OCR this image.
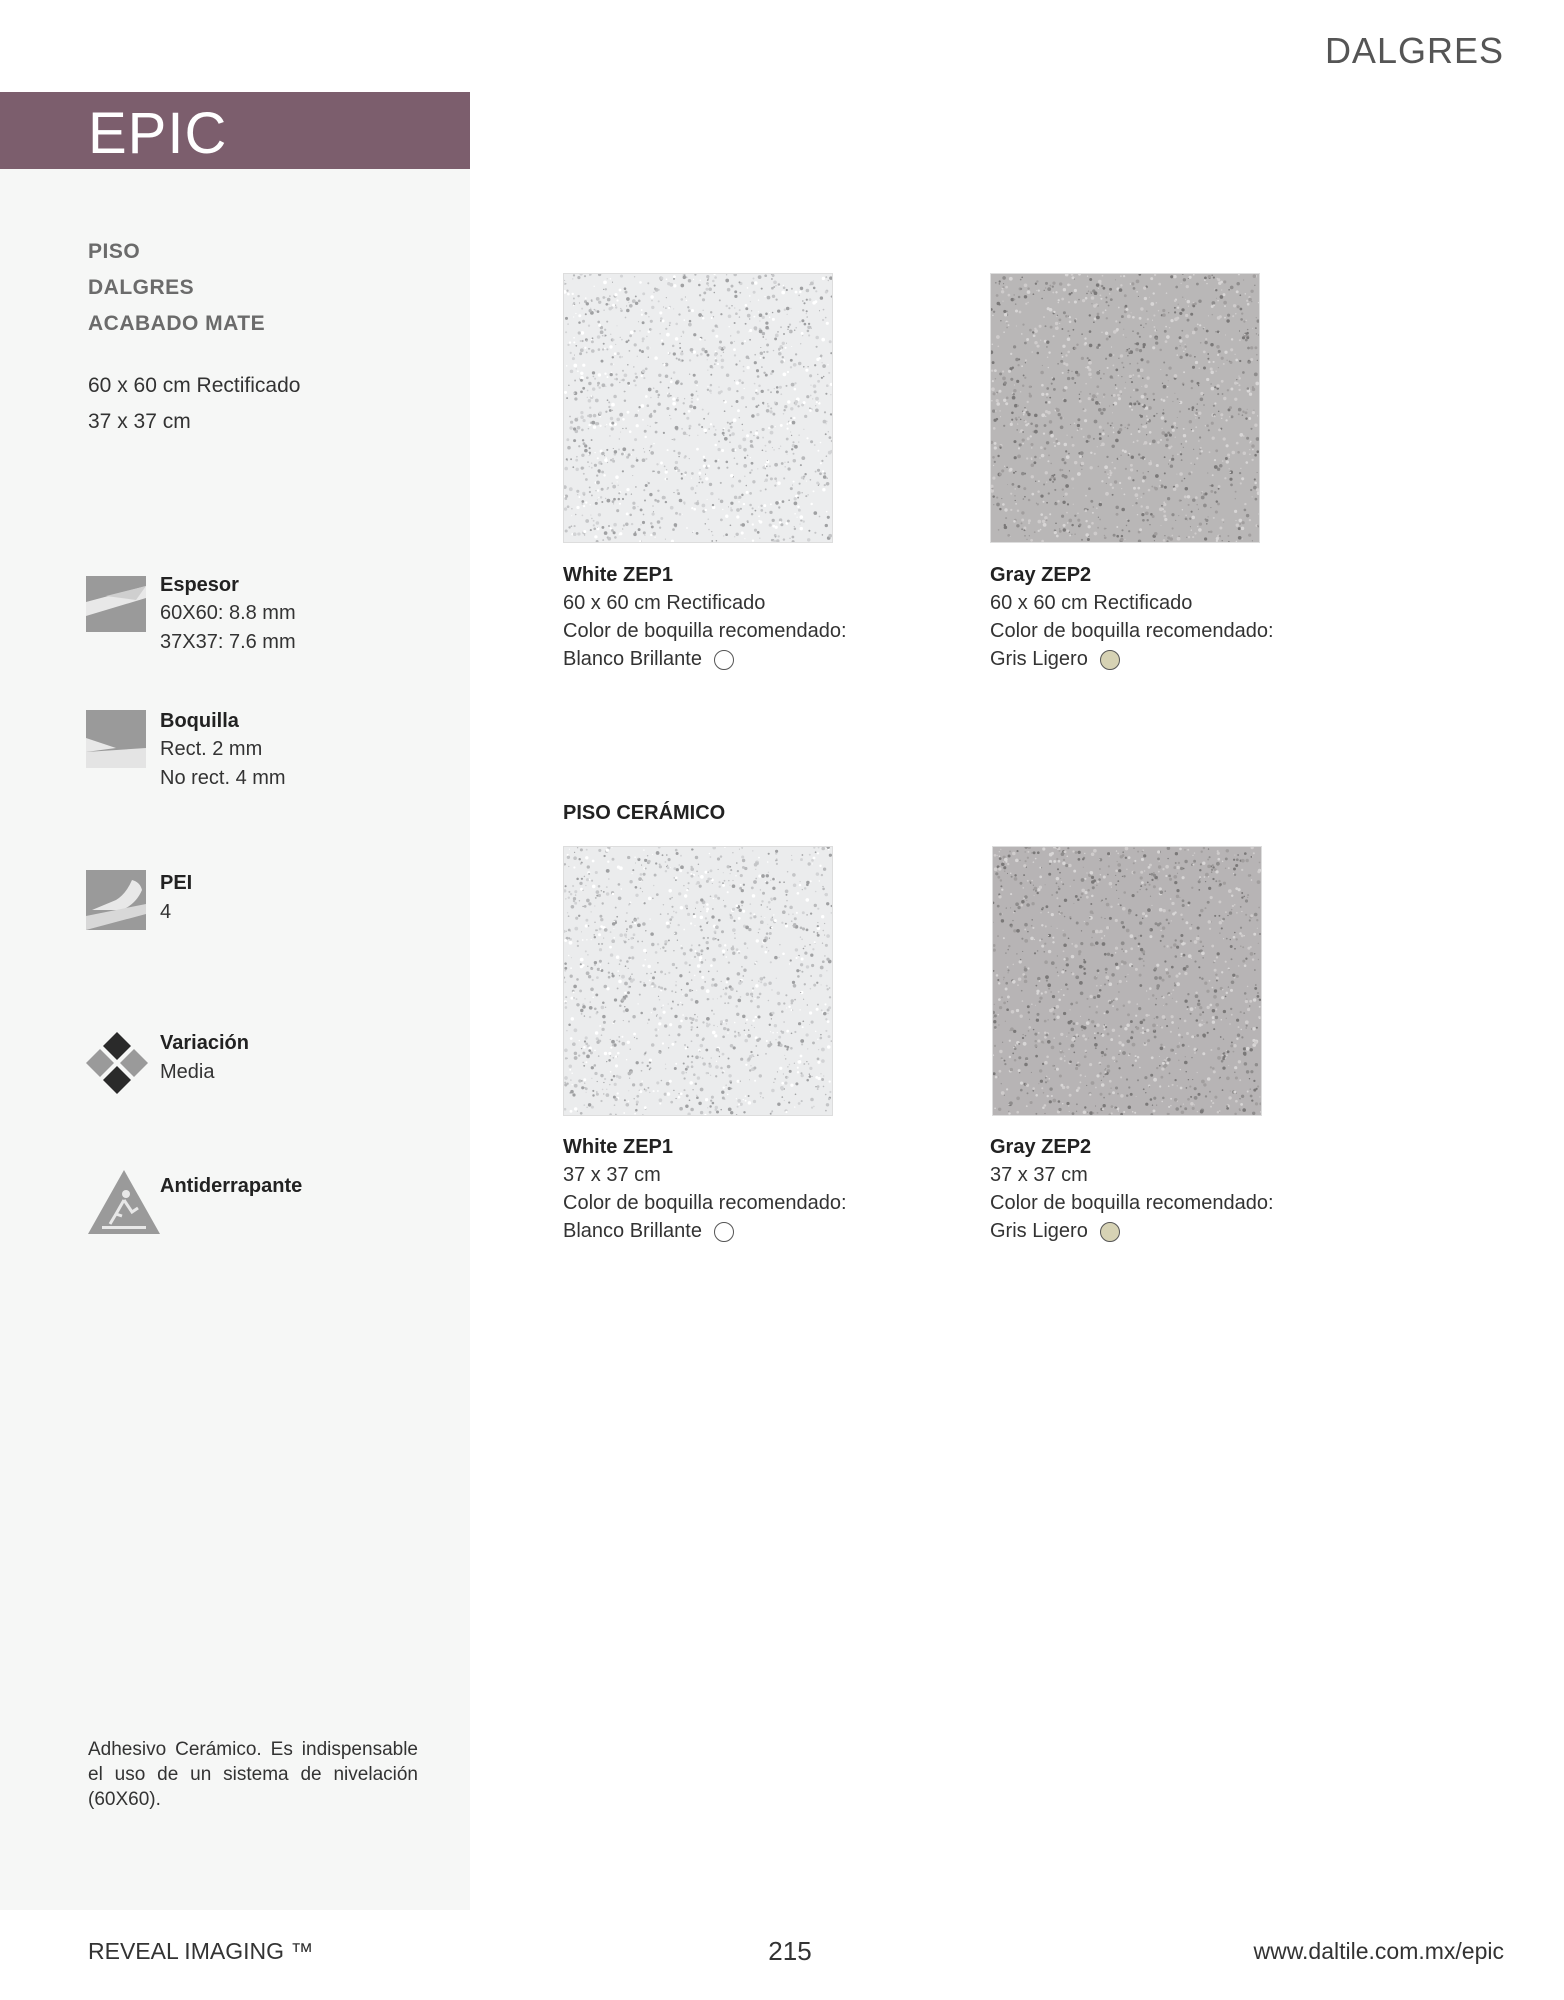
DALGRES
EPIC
PISO
DALGRES
ACABADO MATE
60 x 60 cm Rectificado
37 x 37 cm
Espesor
60X60: 8.8 mm
37X37: 7.6 mm
Boquilla
Rect. 2 mm
No rect. 4 mm
PEI
4
Variación
Media
Antiderrapante
Adhesivo Cerámico. Es indispensable el uso de un sistema de nivelación (60X60).
White ZEP1
60 x 60 cm Rectificado
Color de boquilla recomendado:
Blanco Brillante
Gray ZEP2
60 x 60 cm Rectificado
Color de boquilla recomendado:
Gris Ligero
PISO CERÁMICO
White ZEP1
37 x 37 cm
Color de boquilla recomendado:
Blanco Brillante
Gray ZEP2
37 x 37 cm
Color de boquilla recomendado:
Gris Ligero
REVEAL IMAGING ™	215	www.daltile.com.mx/epic
